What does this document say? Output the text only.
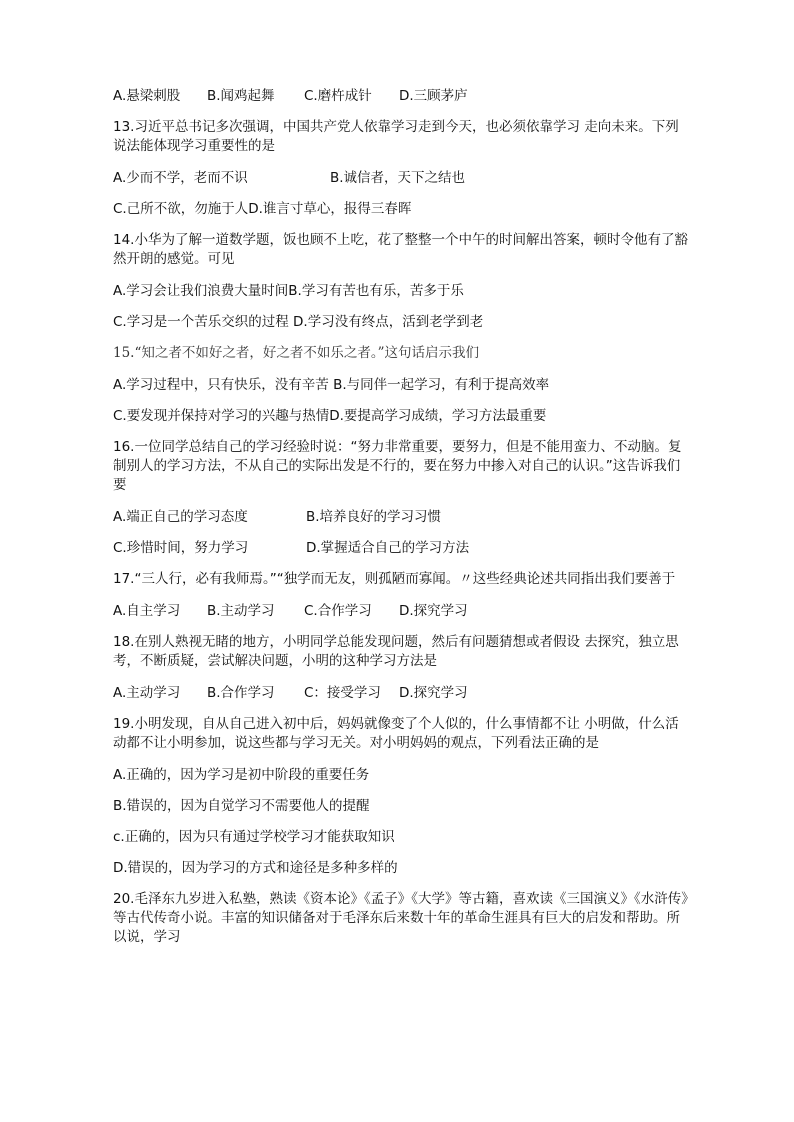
A.悬梁刺股 B.闻鸡起舞 C.磨杵成针 D.三顾茅庐

13.习近平总书记多次强调，中国共产党人依靠学习走到今天，也必须依靠学习 走向未来。下列说法能体现学习重要性的是

A.少而不学，老而不识	B.诚信者，天下之结也

C.己所不欲，勿施于人D.谁言寸草心，报得三春晖

14.小华为了解一道数学题，饭也顾不上吃，花了整整一个中午的时间解出答案，顿时令他有了豁然开朗的感觉。可见

A.学习会让我们浪费大量时间B.学习有苦也有乐，苦多于乐

C.学习是一个苦乐交织的过程 D.学习没有终点，活到老学到老

15.“知之者不如好之者，好之者不如乐之者。”这句话启示我们

A.学习过程中，只有快乐，没有辛苦 B.与同伴一起学习，有利于提高效率

C.要发现并保持对学习的兴趣与热情D.要提高学习成绩，学习方法最重要

16.一位同学总结自己的学习经验时说：“努力非常重要，要努力，但是不能用蛮力、不动脑。复制别人的学习方法，不从自己的实际出发是不行的，要在努力中掺入对自己的认识。”这告诉我们要

A.端正自己的学习态度	B.培养良好的学习习惯

C.珍惜时间，努力学习	D.掌握适合自己的学习方法

17.“三人行，必有我师焉。”“独学而无友，则孤陋而寡闻。〃这些经典论述共同指出我们要善于

A.自主学习 B.主动学习 C.合作学习 D.探究学习

18.在别人熟视无睹的地方，小明同学总能发现问题，然后有问题猜想或者假设 去探究，独立思考，不断质疑，尝试解决问题，小明的这种学习方法是

A.主动学习 B.合作学习 C：接受学习 D.探究学习

19.小明发现，自从自己进入初中后，妈妈就像变了个人似的，什么事情都不让 小明做，什么活动都不让小明参加，说这些都与学习无关。对小明妈妈的观点，下列看法正确的是

A.正确的，因为学习是初中阶段的重要任务

B.错误的，因为自觉学习不需要他人的提醒

c.正确的，因为只有通过学校学习才能获取知识

D.错误的，因为学习的方式和途径是多种多样的

20.毛泽东九岁进入私塾，熟读《资本论》《孟子》《大学》等古籍，喜欢读《三国演义》《水浒传》等古代传奇小说。丰富的知识储备对于毛泽东后来数十年的革命生涯具有巨大的启发和帮助。所以说，学习
